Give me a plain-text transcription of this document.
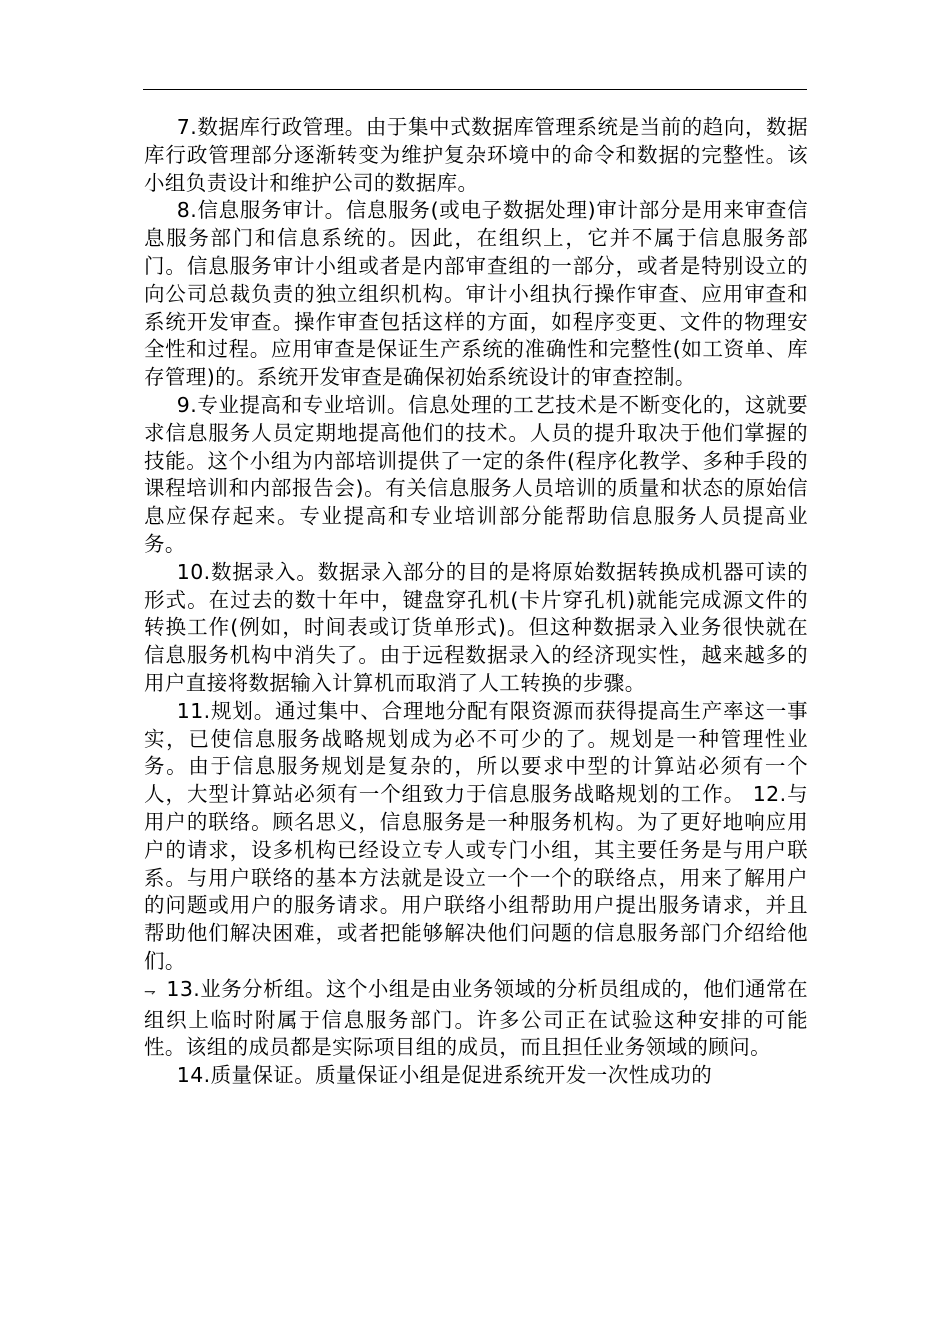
7.数据库行政管理。由于集中式数据库管理系统是当前的趋向，数据库行政管理部分逐渐转变为维护复杂环境中的命令和数据的完整性。该小组负责设计和维护公司的数据库。

8.信息服务审计。信息服务(或电子数据处理)审计部分是用来审查信息服务部门和信息系统的。因此，在组织上，它并不属于信息服务部门。信息服务审计小组或者是内部审查组的一部分，或者是特别设立的向公司总裁负责的独立组织机构。审计小组执行操作审查、应用审查和系统开发审查。操作审查包括这样的方面，如程序变更、文件的物理安全性和过程。应用审查是保证生产系统的准确性和完整性(如工资单、库存管理)的。系统开发审查是确保初始系统设计的审查控制。

9.专业提高和专业培训。信息处理的工艺技术是不断变化的，这就要求信息服务人员定期地提高他们的技术。人员的提升取决于他们掌握的技能。这个小组为内部培训提供了一定的条件(程序化教学、多种手段的课程培训和内部报告会)。有关信息服务人员培训的质量和状态的原始信息应保存起来。专业提高和专业培训部分能帮助信息服务人员提高业务。

10.数据录入。数据录入部分的目的是将原始数据转换成机器可读的形式。在过去的数十年中，键盘穿孔机(卡片穿孔机)就能完成源文件的转换工作(例如，时间表或订货单形式)。但这种数据录入业务很快就在信息服务机构中消失了。由于远程数据录入的经济现实性，越来越多的用户直接将数据输入计算机而取消了人工转换的步骤。

11.规划。通过集中、合理地分配有限资源而获得提高生产率这一事实，已使信息服务战略规划成为必不可少的了。规划是一种管理性业务。由于信息服务规划是复杂的，所以要求中型的计算站必须有一个人，大型计算站必须有一个组致力于信息服务战略规划的工作。 12.与用户的联络。顾名思义，信息服务是一种服务机构。为了更好地响应用户的请求，设多机构已经设立专人或专门小组，其主要任务是与用户联系。与用户联络的基本方法就是设立一个一个的联络点，用来了解用户的问题或用户的服务请求。用户联络小组帮助用户提出服务请求，并且帮助他们解决困难，或者把能够解决他们问题的信息服务部门介绍给他们。

⇁ 13.业务分析组。这个小组是由业务领域的分析员组成的，他们通常在组织上临时附属于信息服务部门。许多公司正在试验这种安排的可能性。该组的成员都是实际项目组的成员，而且担任业务领域的顾问。

14.质量保证。质量保证小组是促进系统开发一次性成功的
